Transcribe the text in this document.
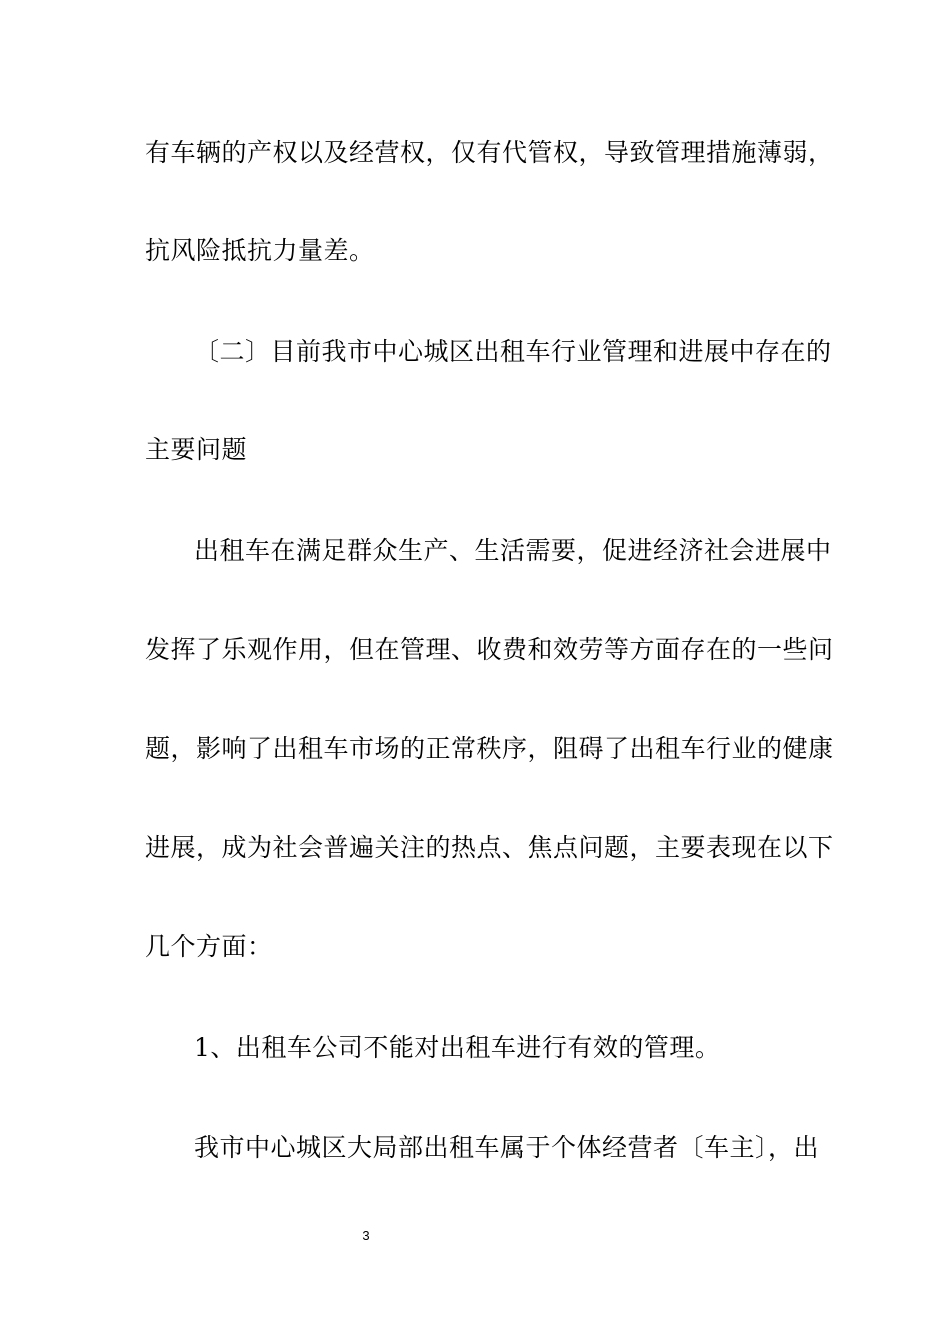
有车辆的产权以及经营权，仅有代管权，导致管理措施薄弱，
抗风险抵抗力量差。
〔二〕目前我市中心城区出租车行业管理和进展中存在的
主要问题
出租车在满足群众生产、生活需要，促进经济社会进展中
发挥了乐观作用，但在管理、收费和效劳等方面存在的一些问
题，影响了出租车市场的正常秩序，阻碍了出租车行业的健康
进展，成为社会普遍关注的热点、焦点问题，主要表现在以下
几个方面：
1、出租车公司不能对出租车进行有效的管理。
我市中心城区大局部出租车属于个体经营者〔车主〕，出
3
